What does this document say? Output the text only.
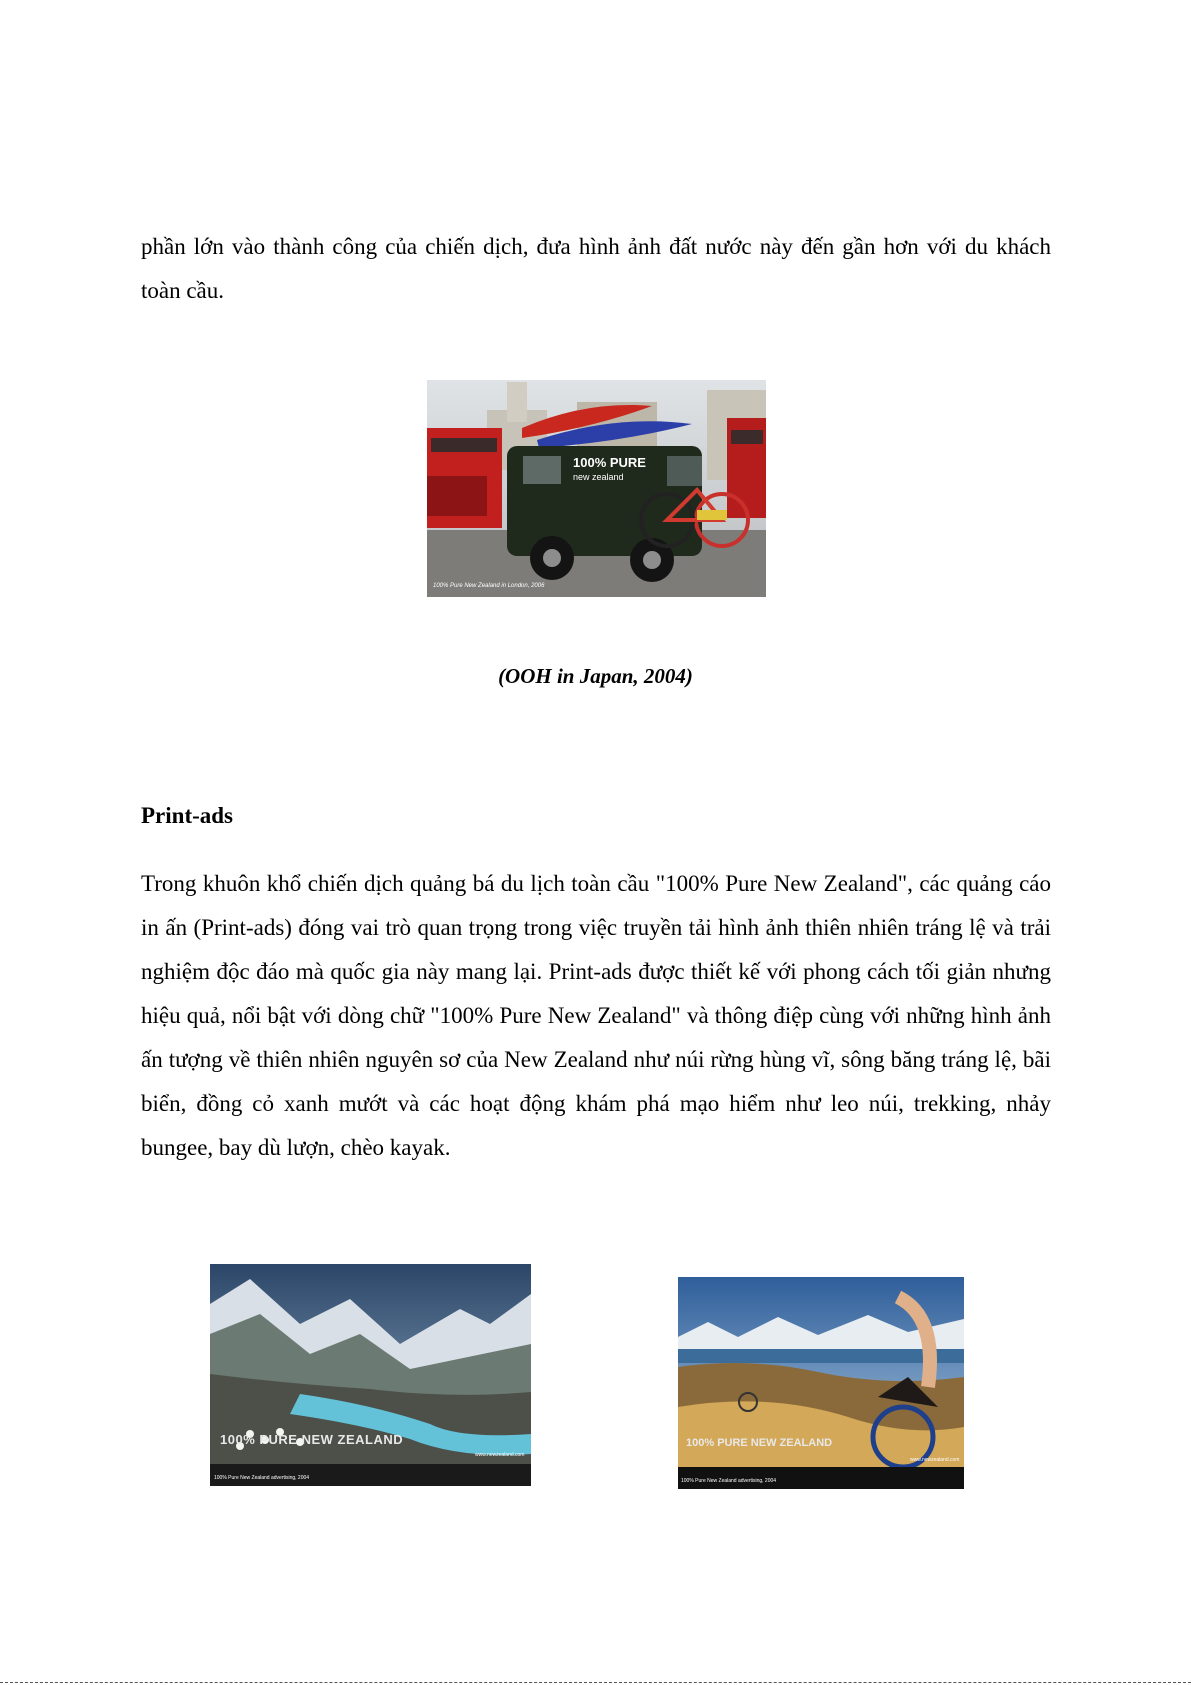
phần lớn vào thành công của chiến dịch, đưa hình ảnh đất nước này đến gần hơn với du khách toàn cầu.

100% PURE
new zealand
100% Pure New Zealand in London, 2006

(OOH in Japan, 2004)

Print-ads

Trong khuôn khổ chiến dịch quảng bá du lịch toàn cầu "100% Pure New Zealand", các quảng cáo in ấn (Print-ads) đóng vai trò quan trọng trong việc truyền tải hình ảnh thiên nhiên tráng lệ và trải nghiệm độc đáo mà quốc gia này mang lại. Print-ads được thiết kế với phong cách tối giản nhưng hiệu quả, nổi bật với dòng chữ "100% Pure New Zealand" và thông điệp cùng với những hình ảnh ấn tượng về thiên nhiên nguyên sơ của New Zealand như núi rừng hùng vĩ, sông băng tráng lệ, bãi biển, đồng cỏ xanh mướt và các hoạt động khám phá mạo hiểm như leo núi, trekking, nhảy bungee, bay dù lượn, chèo kayak.

100% PURE NEW ZEALAND
www.newzealand.com
100% Pure New Zealand advertising, 2004
100% PURE NEW ZEALAND
www.newzealand.com
100% Pure New Zealand advertising, 2004
